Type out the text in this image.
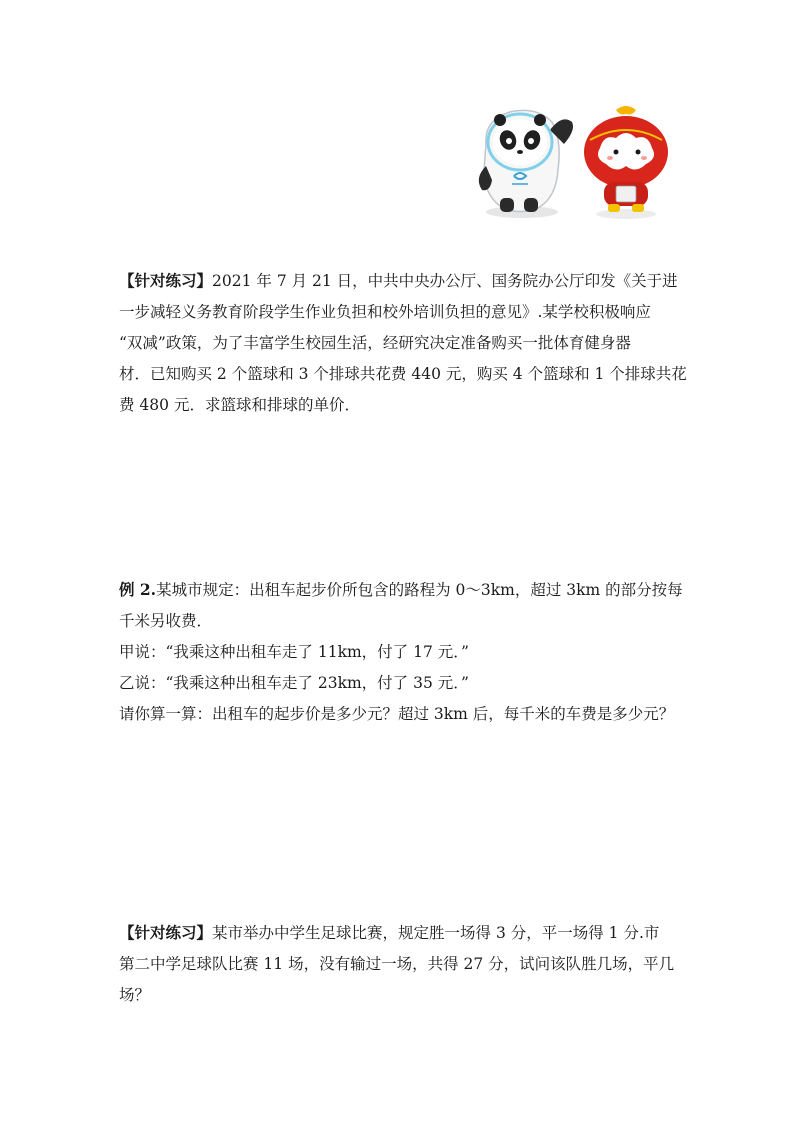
【针对练习】2021 年 7 月 21 日，中共中央办公厅、国务院办公厅印发《关于进
一步减轻义务教育阶段学生作业负担和校外培训负担的意见》.某学校积极响应
“双减”政策，为了丰富学生校园生活，经研究决定准备购买一批体育健身器
材．已知购买 2 个篮球和 3 个排球共花费 440 元，购买 4 个篮球和 1 个排球共花
费 480 元．求篮球和排球的单价．
例 2.某城市规定：出租车起步价所包含的路程为 0～3km，超过 3km 的部分按每
千米另收费．
甲说：“我乘这种出租车走了 11km，付了 17 元．”
乙说：“我乘这种出租车走了 23km，付了 35 元．”
请你算一算：出租车的起步价是多少元？超过 3km 后，每千米的车费是多少元？
【针对练习】某市举办中学生足球比赛，规定胜一场得 3 分，平一场得 1 分.市
第二中学足球队比赛 11 场，没有输过一场，共得 27 分，试问该队胜几场，平几
场？
